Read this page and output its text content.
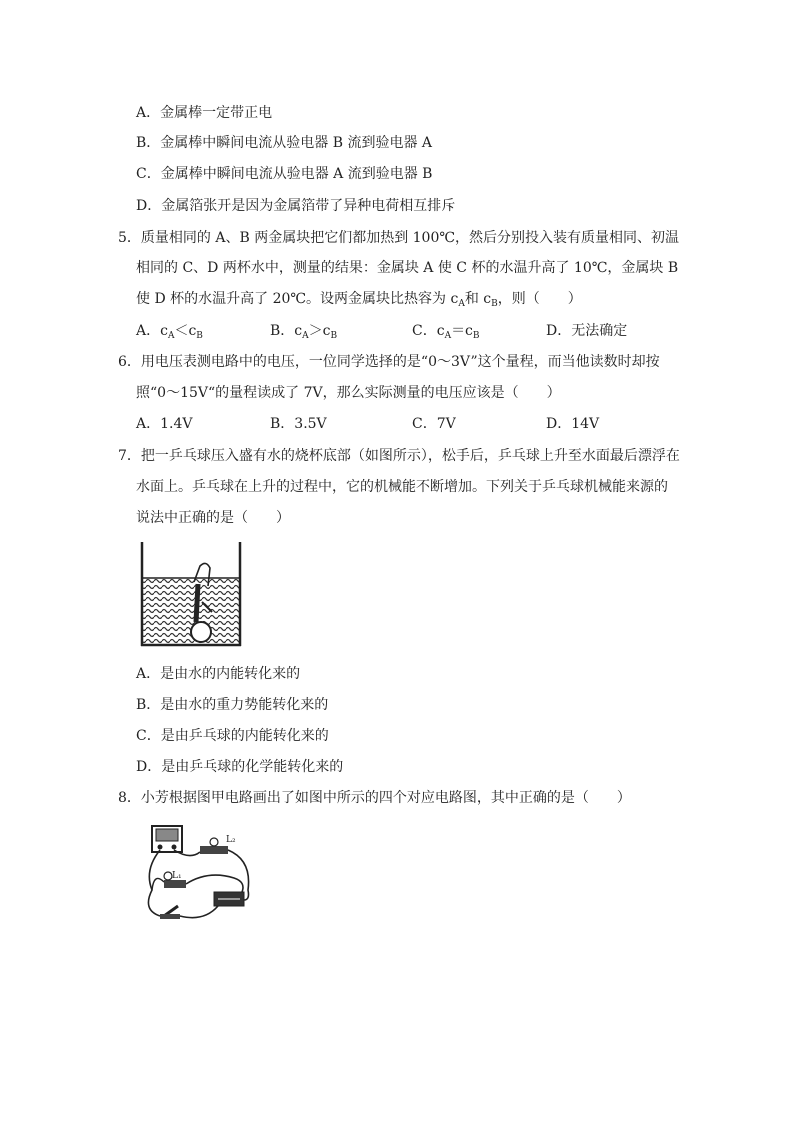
A．金属棒一定带正电
B．金属棒中瞬间电流从验电器 B 流到验电器 A
C．金属棒中瞬间电流从验电器 A 流到验电器 B
D．金属箔张开是因为金属箔带了异种电荷相互排斥
5．质量相同的 A、B 两金属块把它们都加热到 100℃，然后分别投入装有质量相同、初温
相同的 C、D 两杯水中，测量的结果：金属块 A 使 C 杯的水温升高了 10℃，金属块 B
使 D 杯的水温升高了 20℃。设两金属块比热容为 $c_A$和 $c_B$，则（　　）
A．$c_A<c_B$	B．$c_A>c_B$	C．$c_A=c_B$	D．无法确定
6．用电压表测电路中的电压，一位同学选择的是“0～3V”这个量程，而当他读数时却按
照“0～15V“的量程读成了 7V，那么实际测量的电压应该是（　　）
A．1.4V	B．3.5V	C．7V	D．14V
7．把一乒乓球压入盛有水的烧杯底部（如图所示），松手后，乒乓球上升至水面最后漂浮在
水面上。乒乓球在上升的过程中，它的机械能不断增加。下列关于乒乓球机械能来源的
说法中正确的是（　　）
A．是由水的内能转化来的
B．是由水的重力势能转化来的
C．是由乒乓球的内能转化来的
D．是由乒乓球的化学能转化来的
8．小芳根据图甲电路画出了如图中所示的四个对应电路图，其中正确的是（　　）
L₂
L₁
